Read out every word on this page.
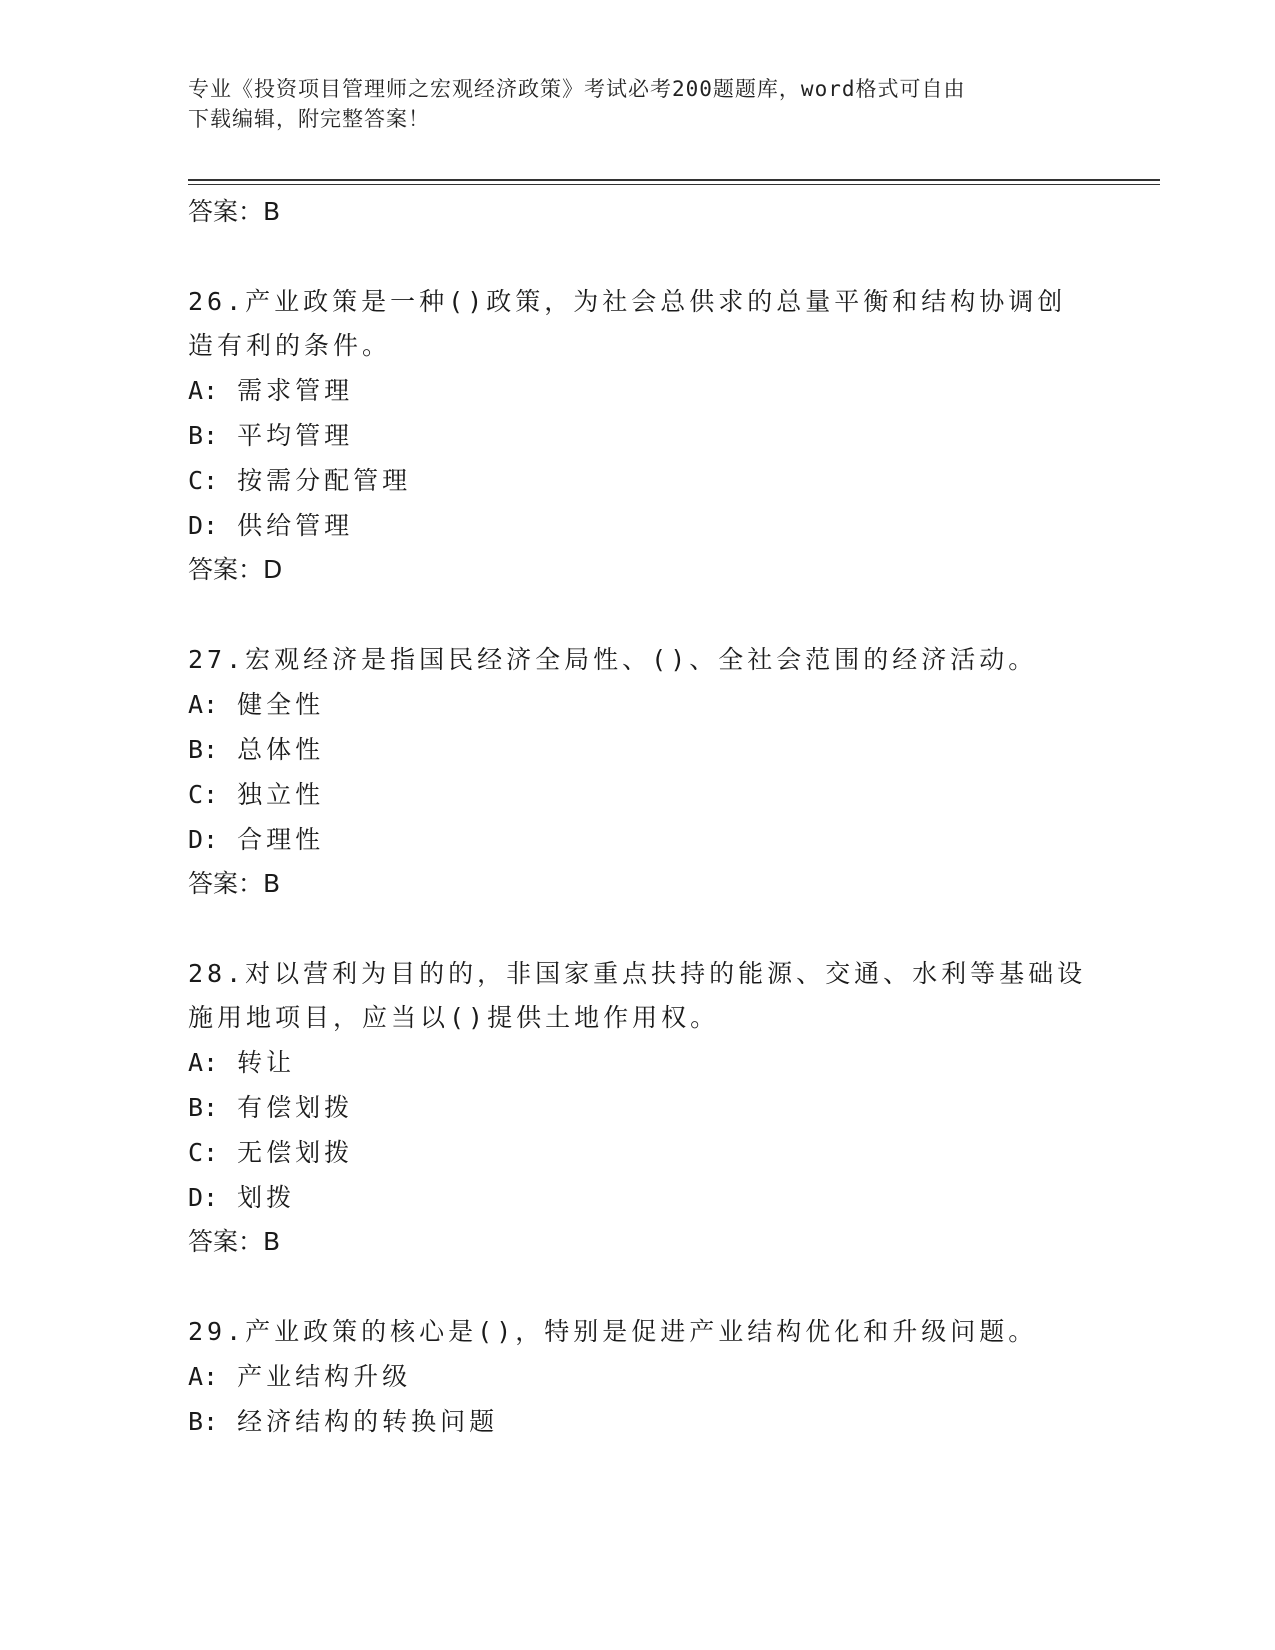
专业《投资项目管理师之宏观经济政策》考试必考200题题库，word格式可自由
下载编辑，附完整答案！
答案：B
26.产业政策是一种()政策，为社会总供求的总量平衡和结构协调创造有利的条件。
A: 需求管理
B: 平均管理
C: 按需分配管理
D: 供给管理
答案：D
27.宏观经济是指国民经济全局性、()、全社会范围的经济活动。
A: 健全性
B: 总体性
C: 独立性
D: 合理性
答案：B
28.对以营利为目的的，非国家重点扶持的能源、交通、水利等基础设施用地项目，应当以()提供土地作用权。
A: 转让
B: 有偿划拨
C: 无偿划拨
D: 划拨
答案：B
29.产业政策的核心是()，特别是促进产业结构优化和升级问题。
A: 产业结构升级
B: 经济结构的转换问题
